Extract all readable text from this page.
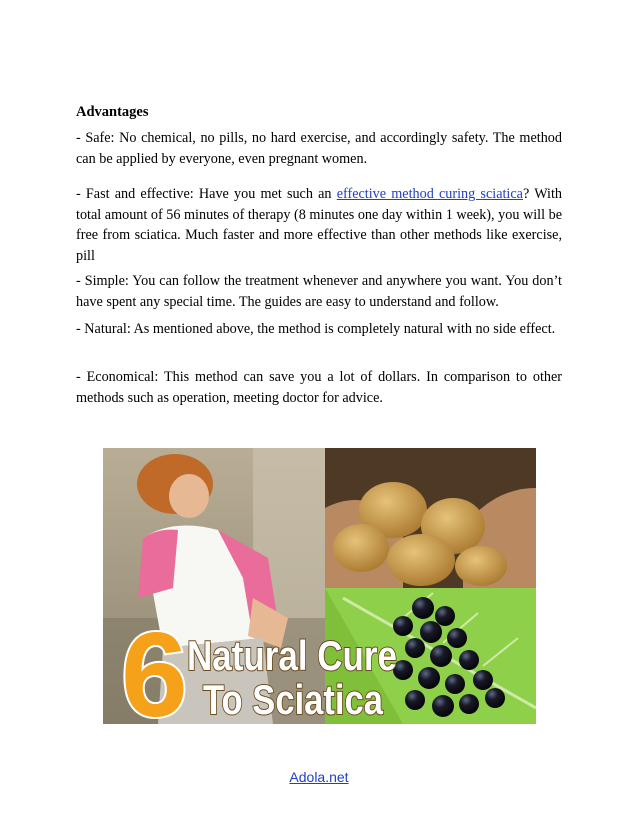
Advantages

- Safe: No chemical, no pills, no hard exercise, and accordingly safety. The method can be applied by everyone, even pregnant women.

- Fast and effective: Have you met such an effective method curing sciatica? With total amount of 56 minutes of therapy (8 minutes one day within 1 week), you will be free from sciatica. Much faster and more effective than other methods like exercise, pill

- Simple: You can follow the treatment whenever and anywhere you want. You don’t have spent any special time. The guides are easy to understand and follow.

- Natural: As mentioned above, the method is completely natural with no side effect.

- Economical: This method can save you a lot of dollars. In comparison to other methods such as operation, meeting doctor for advice.

6 Natural Cure
To Sciatica
Adola.net
